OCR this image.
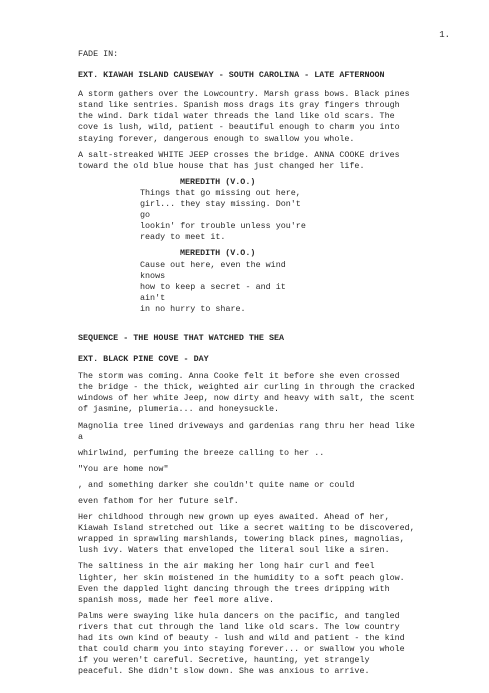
1.

FADE IN:

EXT. KIAWAH ISLAND CAUSEWAY - SOUTH CAROLINA - LATE AFTERNOON

A storm gathers over the Lowcountry. Marsh grass bows. Black pines

stand like sentries. Spanish moss drags its gray fingers through

the wind. Dark tidal water threads the land like old scars. The

cove is lush, wild, patient - beautiful enough to charm you into

staying forever, dangerous enough to swallow you whole.

A salt-streaked WHITE JEEP crosses the bridge. ANNA COOKE drives

toward the old blue house that has just changed her life.

MEREDITH (V.O.)

Things that go missing out here,

girl... they stay missing. Don't go

lookin' for trouble unless you're

ready to meet it.

MEREDITH (V.O.)

Cause out here, even the wind knows

how to keep a secret - and it ain't

in no hurry to share.

SEQUENCE - THE HOUSE THAT WATCHED THE SEA

EXT. BLACK PINE COVE - DAY

The storm was coming. Anna Cooke felt it before she even crossed

the bridge - the thick, weighted air curling in through the cracked

windows of her white Jeep, now dirty and heavy with salt, the scent

of jasmine, plumeria... and honeysuckle.

Magnolia tree lined driveways and gardenias rang thru her head like

a

whirlwind, perfuming the breeze calling to her ..

"You are home now"

, and something darker she couldn't quite name or could

even fathom for her future self.

Her childhood through new grown up eyes awaited. Ahead of her,

Kiawah Island stretched out like a secret waiting to be discovered,

wrapped in sprawling marshlands, towering black pines, magnolias,

lush ivy. Waters that enveloped the literal soul like a siren.

The saltiness in the air making her long hair curl and feel

lighter, her skin moistened in the humidity to a soft peach glow.

Even the dappled light dancing through the trees dripping with

spanish moss, made her feel more alive.

Palms were swaying like hula dancers on the pacific, and tangled

rivers that cut through the land like old scars. The low country

had its own kind of beauty - lush and wild and patient - the kind

that could charm you into staying forever... or swallow you whole

if you weren't careful. Secretive, haunting, yet strangely

peaceful. She didn't slow down. She was anxious to arrive.
